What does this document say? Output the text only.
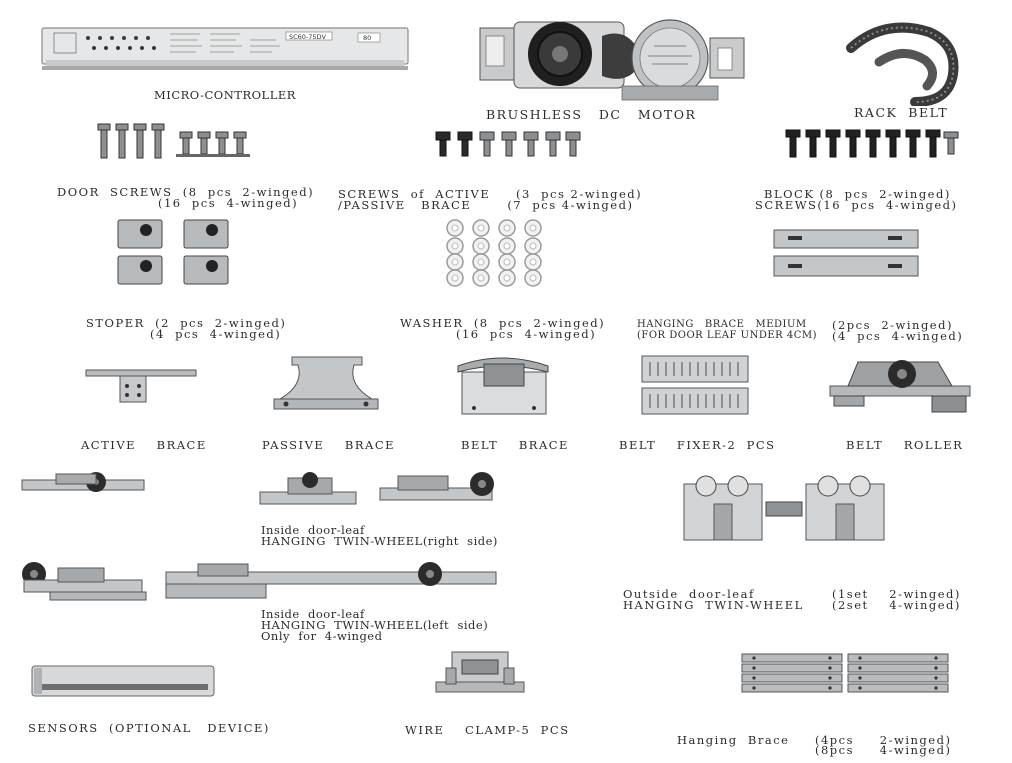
SC60-75DV	80
MICRO-CONTROLLER
BRUSHLESS   DC   MOTOR	RACK  BELT
DOOR  SCREWS  (8  pcs  2-winged)
(16  pcs  4-winged)
SCREWS  of  ACTIVE     (3  pcs 2-winged)
/PASSIVE   BRACE       (7  pcs 4-winged)
BLOCK (8  pcs  2-winged)
SCREWS(16  pcs  4-winged)
STOPER  (2  pcs  2-winged)
(4  pcs  4-winged)
WASHER  (8  pcs  2-winged)
(16  pcs  4-winged)
HANGING   BRACE   MEDIUM
(FOR DOOR LEAF UNDER 4CM)
(2pcs  2-winged)
(4  pcs  4-winged)
ACTIVE    BRACE	PASSIVE    BRACE	BELT    BRACE	BELT    FIXER-2  PCS	BELT    ROLLER
Inside  door-leaf
HANGING  TWIN-WHEEL(right  side)
Inside  door-leaf
HANGING  TWIN-WHEEL(left  side)
Only  for  4-winged
Outside  door-leaf
HANGING  TWIN-WHEEL
(1set    2-winged)
(2set    4-winged)
SENSORS  (OPTIONAL   DEVICE)	WIRE    CLAMP-5  PCS
Hanging  Brace (4pcs     2-winged)
(8pcs     4-winged)
